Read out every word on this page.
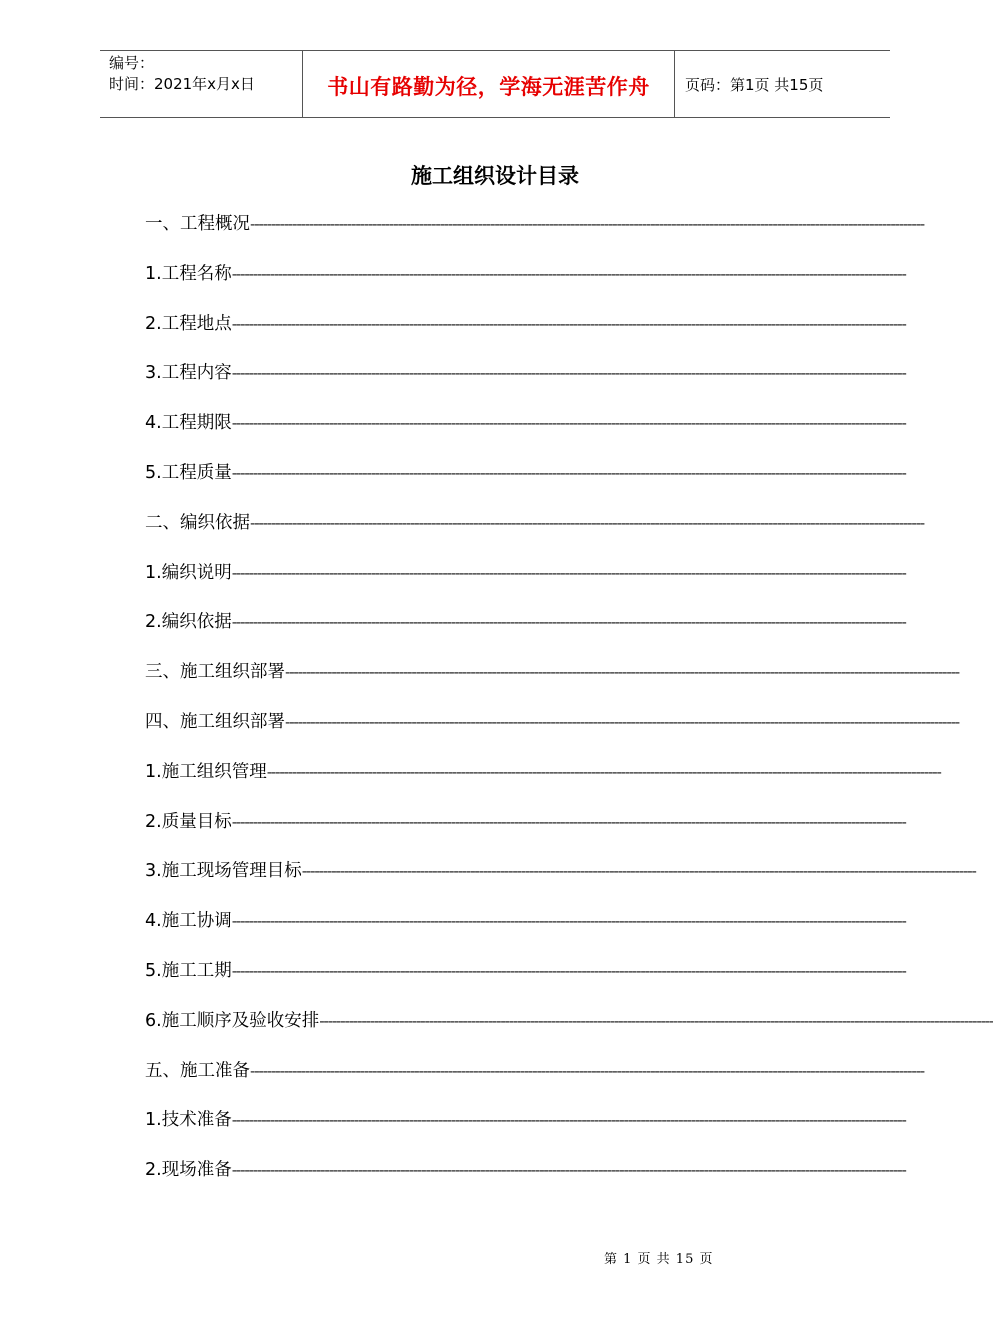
编号：
时间：2021年x月x日	书山有路勤为径，学海无涯苦作舟 页码：第1页 共15页
施工组织设计目录
一、 工程概况 ----------------------------------------------------------------------------------------------------------------------------------------------------------------
1. 工程名称 ----------------------------------------------------------------------------------------------------------------------------------------------------------------
2. 工程地点 ----------------------------------------------------------------------------------------------------------------------------------------------------------------
3. 工程内容 ----------------------------------------------------------------------------------------------------------------------------------------------------------------
4. 工程期限 ----------------------------------------------------------------------------------------------------------------------------------------------------------------
5. 工程质量 ----------------------------------------------------------------------------------------------------------------------------------------------------------------
二、 编织依据 ----------------------------------------------------------------------------------------------------------------------------------------------------------------
1. 编织说明 ----------------------------------------------------------------------------------------------------------------------------------------------------------------
2. 编织依据 ----------------------------------------------------------------------------------------------------------------------------------------------------------------
三、 施工组织部署 ----------------------------------------------------------------------------------------------------------------------------------------------------------------
四、 施工组织部署 ----------------------------------------------------------------------------------------------------------------------------------------------------------------
1. 施工组织管理 ----------------------------------------------------------------------------------------------------------------------------------------------------------------
2. 质量目标 ----------------------------------------------------------------------------------------------------------------------------------------------------------------
3. 施工现场管理目标 ----------------------------------------------------------------------------------------------------------------------------------------------------------------
4. 施工协调 ----------------------------------------------------------------------------------------------------------------------------------------------------------------
5. 施工工期 ----------------------------------------------------------------------------------------------------------------------------------------------------------------
6. 施工顺序及验收安排 ----------------------------------------------------------------------------------------------------------------------------------------------------------------
五、 施工准备 ----------------------------------------------------------------------------------------------------------------------------------------------------------------
1. 技术准备 ----------------------------------------------------------------------------------------------------------------------------------------------------------------
2. 现场准备 ----------------------------------------------------------------------------------------------------------------------------------------------------------------
第 1 页 共 15 页
